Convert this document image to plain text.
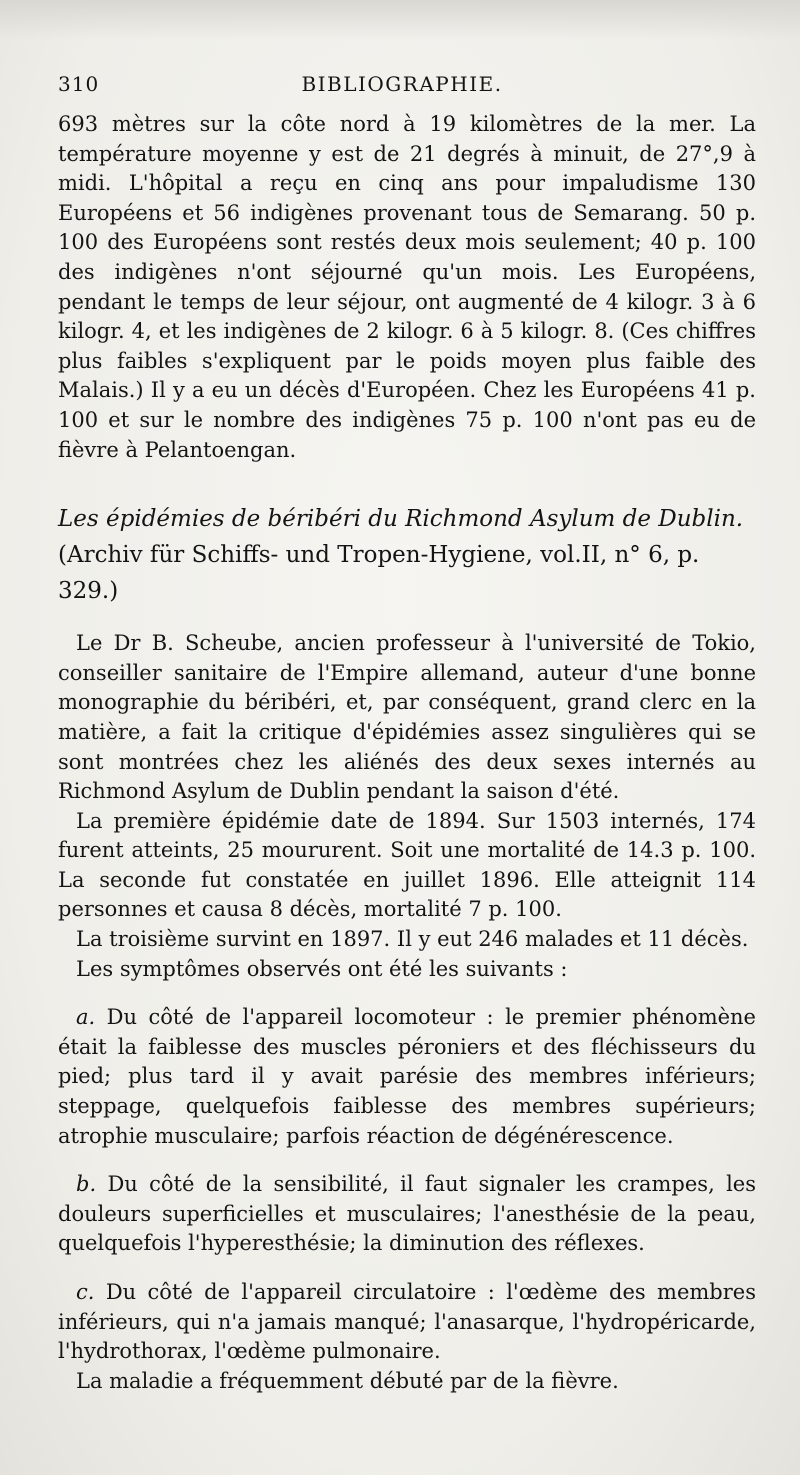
310	BIBLIOGRAPHIE.

693 mètres sur la côte nord à 19 kilomètres de la mer. La température moyenne y est de 21 degrés à minuit, de 27°,9 à midi. L'hôpital a reçu en cinq ans pour impaludisme 130 Européens et 56 indigènes provenant tous de Semarang. 50 p. 100 des Européens sont restés deux mois seulement; 40 p. 100 des indigènes n'ont séjourné qu'un mois. Les Européens, pendant le temps de leur séjour, ont augmenté de 4 kilogr. 3 à 6 kilogr. 4, et les indigènes de 2 kilogr. 6 à 5 kilogr. 8. (Ces chiffres plus faibles s'expliquent par le poids moyen plus faible des Malais.) Il y a eu un décès d'Européen. Chez les Européens 41 p. 100 et sur le nombre des indigènes 75 p. 100 n'ont pas eu de fièvre à Pelantoengan.

Les épidémies de béribéri du Richmond Asylum de Dublin. (Archiv für Schiffs- und Tropen-Hygiene, vol.II, n° 6, p. 329.)

Le Dr B. Scheube, ancien professeur à l'université de Tokio, conseiller sanitaire de l'Empire allemand, auteur d'une bonne monographie du béribéri, et, par conséquent, grand clerc en la matière, a fait la critique d'épidémies assez singulières qui se sont montrées chez les aliénés des deux sexes internés au Richmond Asylum de Dublin pendant la saison d'été.

La première épidémie date de 1894. Sur 1503 internés, 174 furent atteints, 25 moururent. Soit une mortalité de 14.3 p. 100. La seconde fut constatée en juillet 1896. Elle atteignit 114 personnes et causa 8 décès, mortalité 7 p. 100.

La troisième survint en 1897. Il y eut 246 malades et 11 décès.

Les symptômes observés ont été les suivants :

a. Du côté de l'appareil locomoteur : le premier phénomène était la faiblesse des muscles péroniers et des fléchisseurs du pied; plus tard il y avait parésie des membres inférieurs; steppage, quelquefois faiblesse des membres supérieurs; atrophie musculaire; parfois réaction de dégénérescence.

b. Du côté de la sensibilité, il faut signaler les crampes, les douleurs superficielles et musculaires; l'anesthésie de la peau, quelquefois l'hyperesthésie; la diminution des réflexes.

c. Du côté de l'appareil circulatoire : l'œdème des membres inférieurs, qui n'a jamais manqué; l'anasarque, l'hydropéricarde, l'hydrothorax, l'œdème pulmonaire.

La maladie a fréquemment débuté par de la fièvre.
